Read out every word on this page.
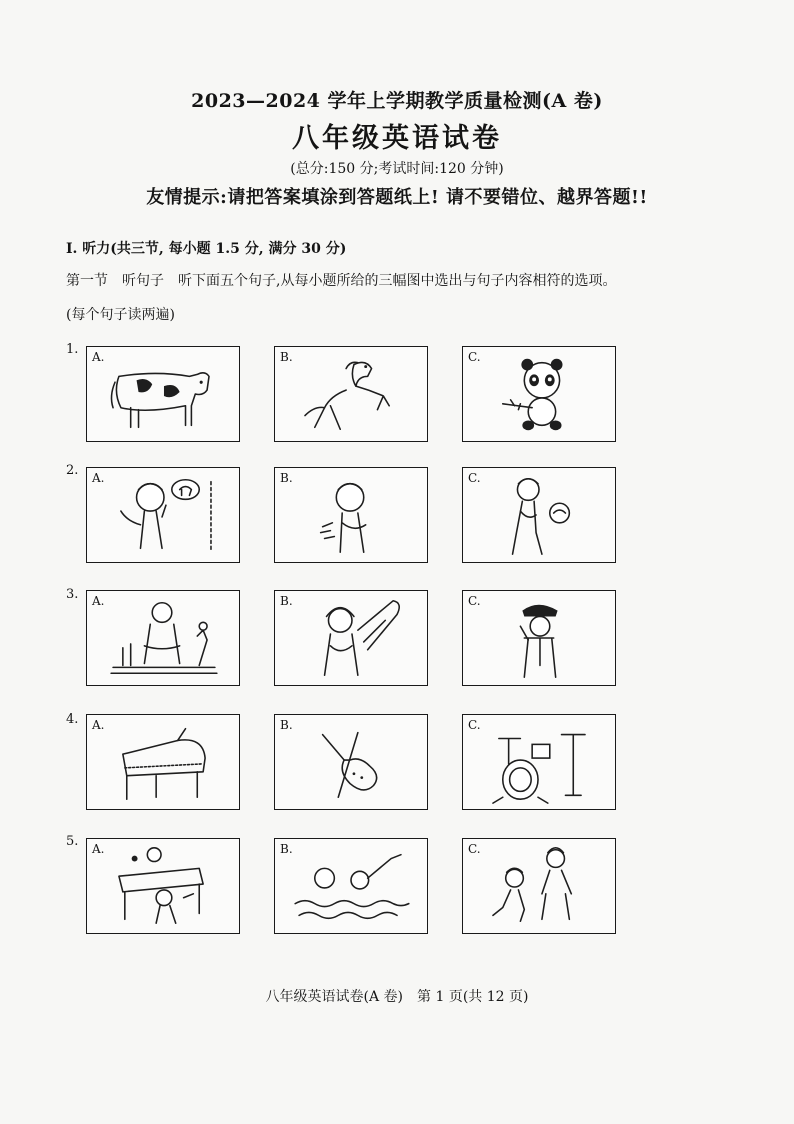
2023—2024 学年上学期教学质量检测(A 卷)
八年级英语试卷
(总分:150 分;考试时间:120 分钟)
友情提示:请把答案填涂到答题纸上! 请不要错位、越界答题!!
I. 听力(共三节, 每小题 1.5 分, 满分 30 分)
第一节　听句子　听下面五个句子,从每小题所给的三幅图中选出与句子内容相符的选项。
(每个句子读两遍)
1. A.	B.	C.
2. A.	B.	C.
3. A.	B.	C.
4. A.	B.	C.
5. A.	B.	C.
八年级英语试卷(A 卷)　第 1 页(共 12 页)
